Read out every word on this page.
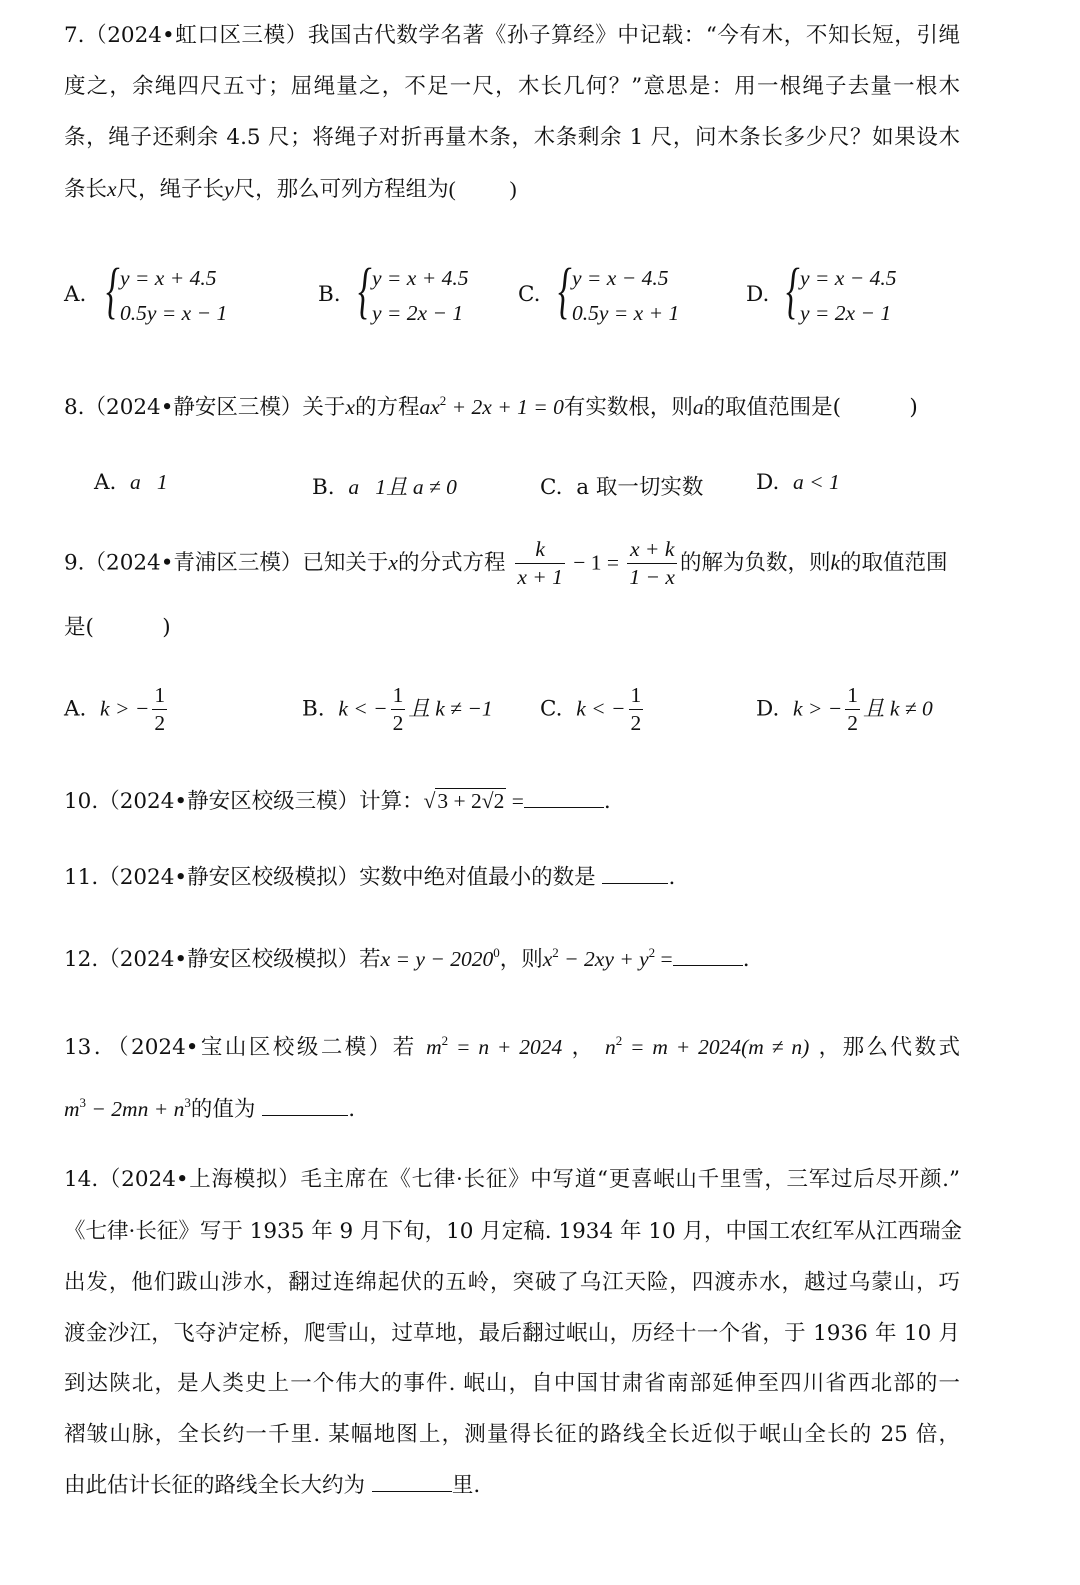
7.（2024•虹口区三模）我国古代数学名著《孙子算经》中记载：“今有木，不知长短，引绳
度之，余绳四尺五寸；屈绳量之，不足一尺，木长几何？”意思是：用一根绳子去量一根木
条，绳子还剩余 4.5 尺；将绳子对折再量木条，木条剩余 1 尺，问木条长多少尺？如果设木
条长x尺，绳子长y尺，那么可列方程组为(          )
A. { y = x + 4.5
0.5y = x − 1
B. { y = x + 4.5
y = 2x − 1
C. { y = x − 4.5
0.5y = x + 1
D. { y = x − 4.5
y = 2x − 1
8.（2024•静安区三模）关于x的方程$ax^2 + 2x + 1 = 0$有实数根，则a的取值范围是(          )
A. a   1	B. a   1且 a ≠ 0	C. a 取一切实数 D. a < 1
9.（2024•青浦区三模）已知关于x的分式方程 $\frac{k}{x + 1} - 1 = \frac{x + k}{1 - x}$ 的解为负数，则k的取值范围
是(          )
A. k > − $\frac{1}{2}$	B. k < − $\frac{1}{2}$ 且 k ≠ −1 C. k < − $\frac{1}{2}$	D. k > − $\frac{1}{2}$ 且 k ≠ 0
10.（2024•静安区校级三模）计算：√3 + 2√2 =	.
11.（2024•静安区校级模拟）实数中绝对值最小的数是	.
12.（2024•静安区校级模拟）若$x = y - 2020^0$，则$x^2 - 2xy + y^2$ =	.
13．（2024•宝山区校级二模）若 $m^2 = n + 2024$ ， $n^2 = m + 2024(m \ne n)$ ，那么代数式
$m^3 - 2mn + n^3$的值为	.
14.（2024•上海模拟）毛主席在《七律·长征》中写道“更喜岷山千里雪，三军过后尽开颜.”
《七律·长征》写于 1935 年 9 月下旬，10 月定稿. 1934 年 10 月，中国工农红军从江西瑞金
出发，他们跋山涉水，翻过连绵起伏的五岭，突破了乌江天险，四渡赤水，越过乌蒙山，巧
渡金沙江，飞夺泸定桥，爬雪山，过草地，最后翻过岷山，历经十一个省，于 1936 年 10 月
到达陕北，是人类史上一个伟大的事件. 岷山，自中国甘肃省南部延伸至四川省西北部的一
褶皱山脉，全长约一千里. 某幅地图上，测量得长征的路线全长近似于岷山全长的 25 倍，
由此估计长征的路线全长大约为	里.
